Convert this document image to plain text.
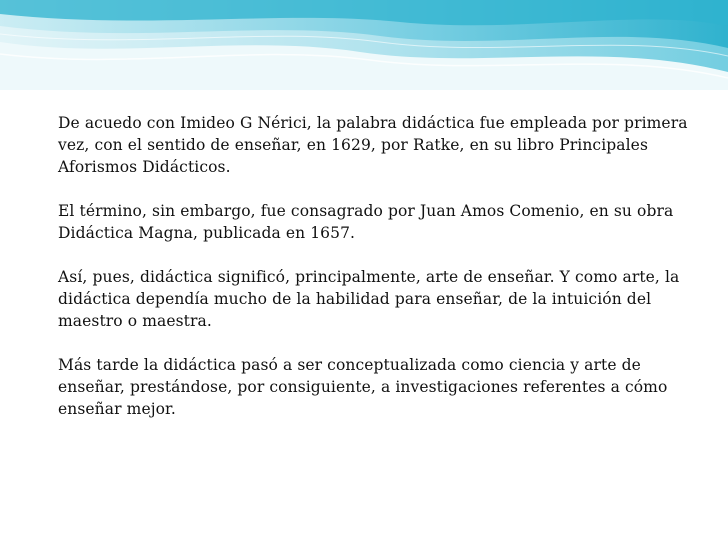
De acuedo con Imideo G Nérici, la palabra didáctica fue empleada por primera vez, con el sentido de enseñar, en 1629, por Ratke, en su libro Principales Aforismos Didácticos.

El término, sin embargo, fue consagrado por Juan Amos Comenio, en su obra Didáctica Magna, publicada en 1657.

Así, pues, didáctica significó, principalmente, arte de enseñar. Y como arte, la didáctica dependía mucho de la habilidad para enseñar, de la intuición del maestro o maestra.

Más tarde la didáctica pasó a ser conceptualizada como ciencia y arte de enseñar, prestándose, por consiguiente, a investigaciones referentes a cómo enseñar mejor.
